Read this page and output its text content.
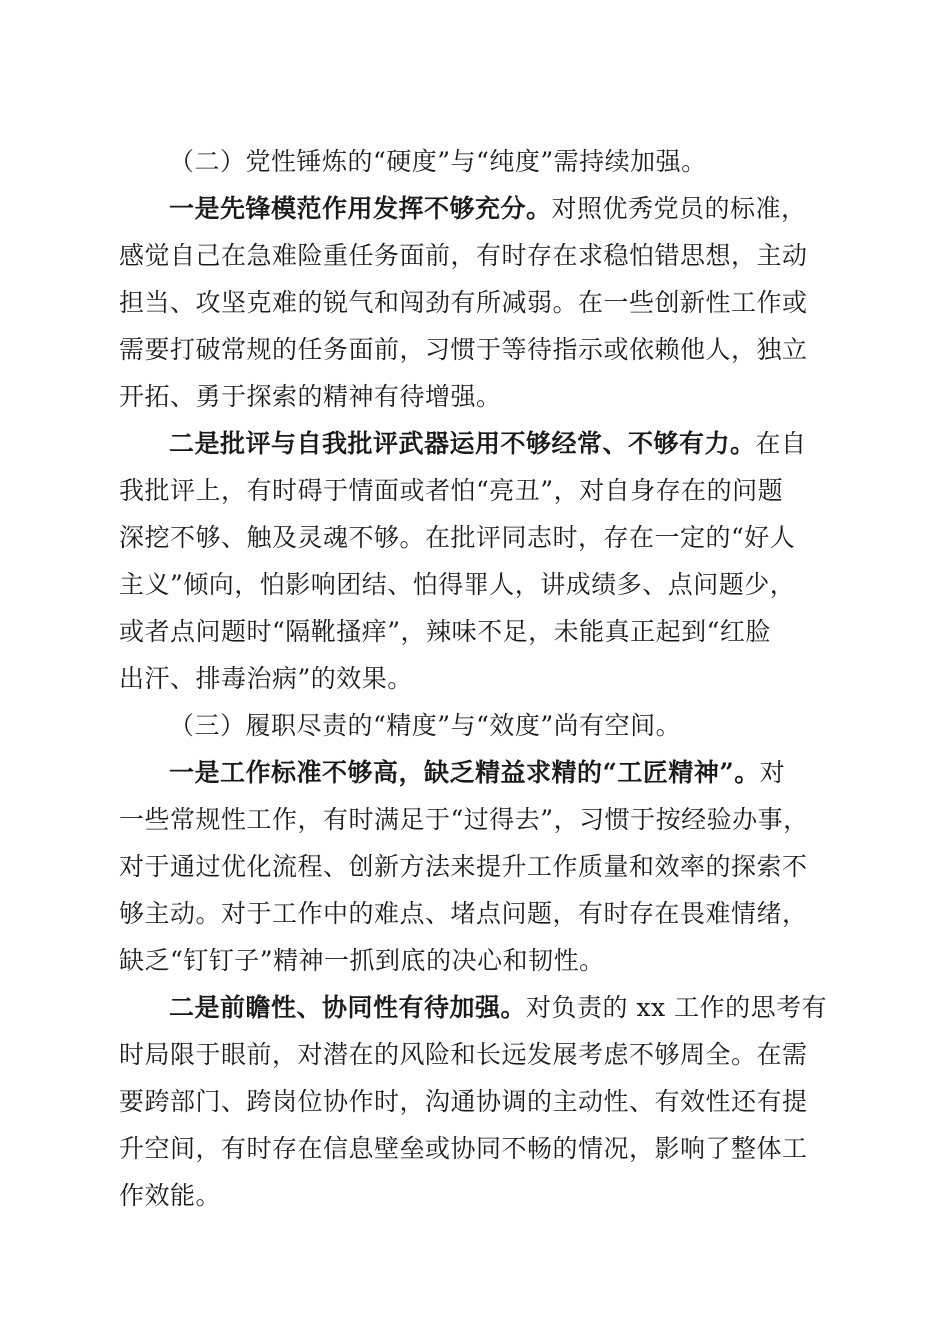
（二）党性锤炼的“硬度”与“纯度”需持续加强。

一是先锋模范作用发挥不够充分。对照优秀党员的标准，
感觉自己在急难险重任务面前，有时存在求稳怕错思想，主动
担当、攻坚克难的锐气和闯劲有所减弱。在一些创新性工作或
需要打破常规的任务面前，习惯于等待指示或依赖他人，独立
开拓、勇于探索的精神有待增强。
二是批评与自我批评武器运用不够经常、不够有力。在自
我批评上，有时碍于情面或者怕“亮丑”，对自身存在的问题
深挖不够、触及灵魂不够。在批评同志时，存在一定的“好人
主义”倾向，怕影响团结、怕得罪人，讲成绩多、点问题少，
或者点问题时“隔靴搔痒”，辣味不足，未能真正起到“红脸
出汗、排毒治病”的效果。

（三）履职尽责的“精度”与“效度”尚有空间。

一是工作标准不够高，缺乏精益求精的“工匠精神”。对
一些常规性工作，有时满足于“过得去”，习惯于按经验办事，
对于通过优化流程、创新方法来提升工作质量和效率的探索不
够主动。对于工作中的难点、堵点问题，有时存在畏难情绪，
缺乏“钉钉子”精神一抓到底的决心和韧性。
二是前瞻性、协同性有待加强。对负责的 xx 工作的思考有
时局限于眼前，对潜在的风险和长远发展考虑不够周全。在需
要跨部门、跨岗位协作时，沟通协调的主动性、有效性还有提
升空间，有时存在信息壁垒或协同不畅的情况，影响了整体工
作效能。
